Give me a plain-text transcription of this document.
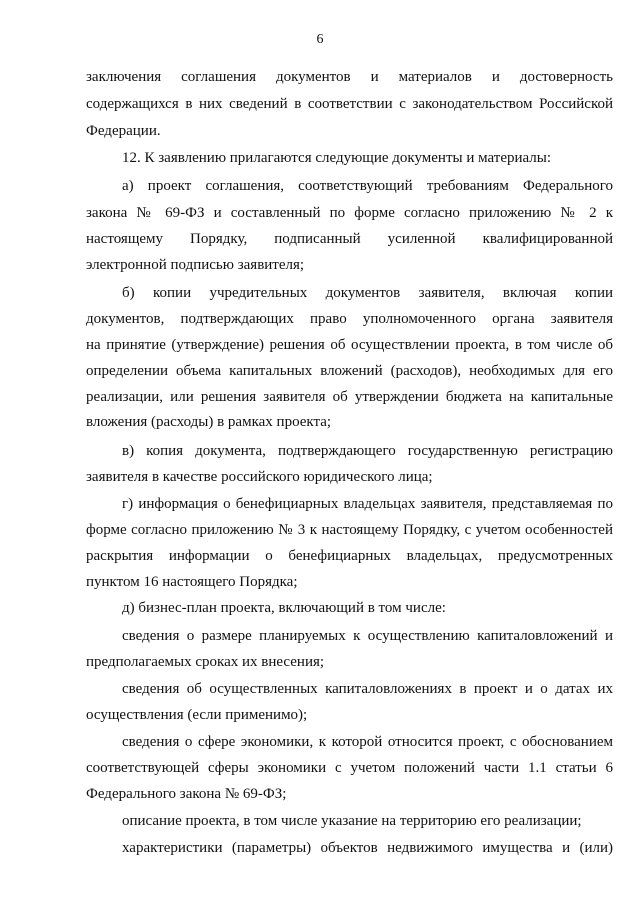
6
заключения соглашения документов и материалов и достоверность
содержащихся в них сведений в соответствии с законодательством Российской
Федерации.
12. К заявлению прилагаются следующие документы и материалы:
а) проект соглашения, соответствующий требованиям Федерального
закона № 69-ФЗ и составленный по форме согласно приложению № 2 к
настоящему Порядку, подписанный усиленной квалифицированной
электронной подписью заявителя;
б) копии учредительных документов заявителя, включая копии
документов, подтверждающих право уполномоченного органа заявителя
на принятие (утверждение) решения об осуществлении проекта, в том числе об
определении объема капитальных вложений (расходов), необходимых для его
реализации, или решения заявителя об утверждении бюджета на капитальные
вложения (расходы) в рамках проекта;
в) копия документа, подтверждающего государственную регистрацию
заявителя в качестве российского юридического лица;
г) информация о бенефициарных владельцах заявителя, представляемая по
форме согласно приложению № 3 к настоящему Порядку, с учетом особенностей
раскрытия информации о бенефициарных владельцах, предусмотренных
пунктом 16 настоящего Порядка;
д) бизнес-план проекта, включающий в том числе:
сведения о размере планируемых к осуществлению капиталовложений и
предполагаемых сроках их внесения;
сведения об осуществленных капиталовложениях в проект и о датах их
осуществления (если применимо);
сведения о сфере экономики, к которой относится проект, с обоснованием
соответствующей сферы экономики с учетом положений части 1.1 статьи 6
Федерального закона № 69-ФЗ;
описание проекта, в том числе указание на территорию его реализации;
характеристики (параметры) объектов недвижимого имущества и (или)
